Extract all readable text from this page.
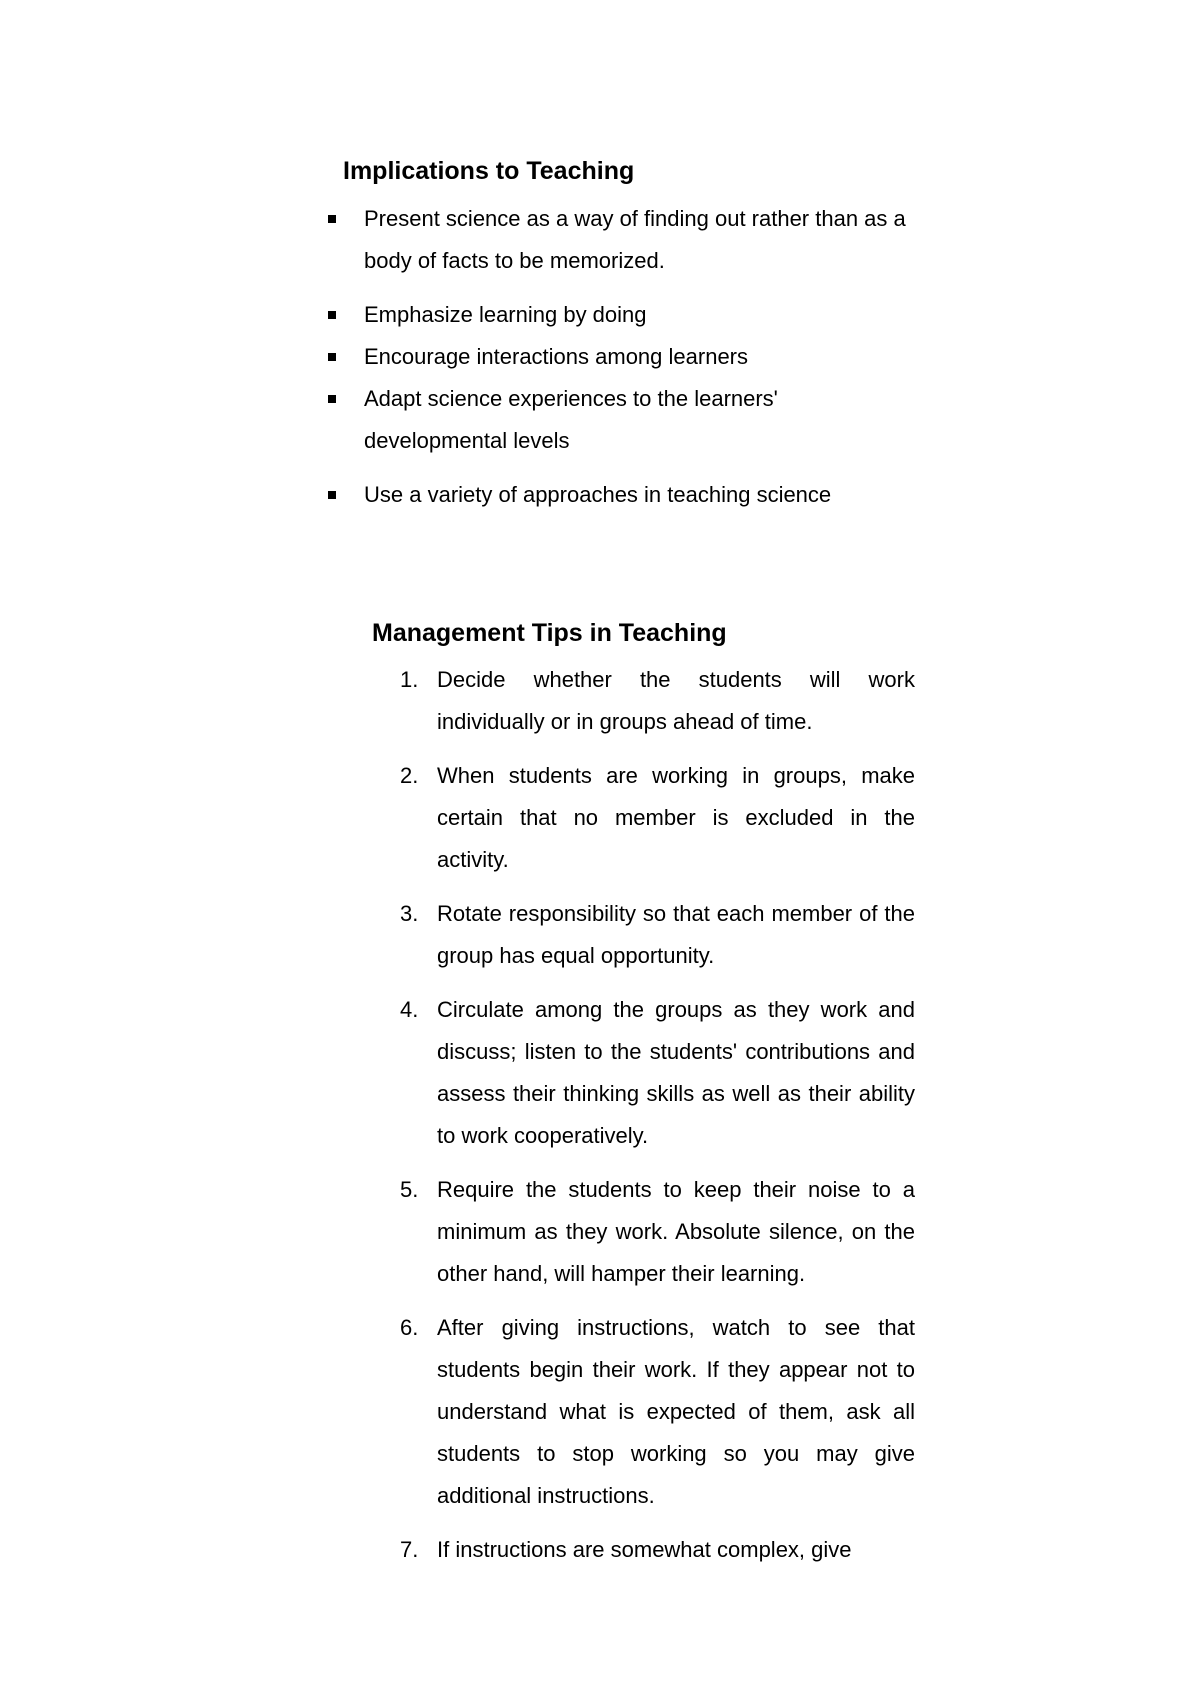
Implications to Teaching
Present science as a way of finding out rather than as a body of facts to be memorized.
Emphasize learning by doing
Encourage interactions among learners
Adapt science experiences to the learners' developmental levels
Use a variety of approaches in teaching science
Management Tips in Teaching
1. Decide whether the students will work individually or in groups ahead of time.
2. When students are working in groups, make certain that no member is excluded in the activity.
3. Rotate responsibility so that each member of the group has equal opportunity.
4. Circulate among the groups as they work and discuss; listen to the students' contributions and assess their thinking skills as well as their ability to work cooperatively.
5. Require the students to keep their noise to a minimum as they work. Absolute silence, on the other hand, will hamper their learning.
6. After giving instructions, watch to see that students begin their work. If they appear not to understand what is expected of them, ask all students to stop working so you may give additional instructions.
7. If instructions are somewhat complex, give
